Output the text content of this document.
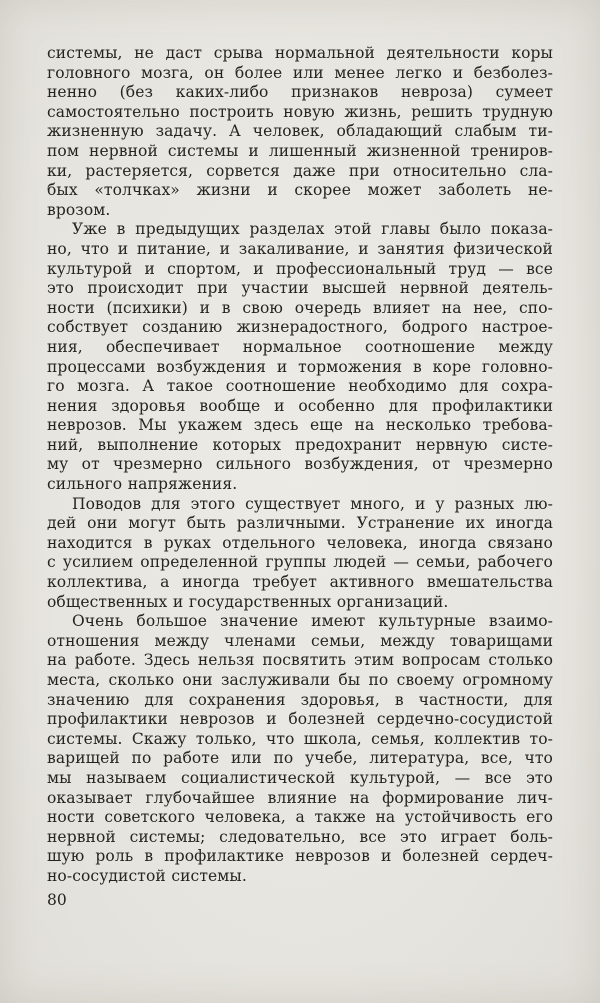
системы, не даст срыва нормальной деятельности коры
головного мозга, он более или менее легко и безболез-
ненно (без каких-либо признаков невроза) сумеет
самостоятельно построить новую жизнь, решить трудную
жизненную задачу. А человек, обладающий слабым ти-
пом нервной системы и лишенный жизненной трениров-
ки, растеряется, сорвется даже при относительно сла-
бых «толчках» жизни и скорее может заболеть не-
врозом.
Уже в предыдущих разделах этой главы было показа-
но, что и питание, и закаливание, и занятия физической
культурой и спортом, и профессиональный труд — все
это происходит при участии высшей нервной деятель-
ности (психики) и в свою очередь влияет на нее, спо-
собствует созданию жизнерадостного, бодрого настрое-
ния, обеспечивает нормальное соотношение между
процессами возбуждения и торможения в коре головно-
го мозга. А такое соотношение необходимо для сохра-
нения здоровья вообще и особенно для профилактики
неврозов. Мы укажем здесь еще на несколько требова-
ний, выполнение которых предохранит нервную систе-
му от чрезмерно сильного возбуждения, от чрезмерно
сильного напряжения.
Поводов для этого существует много, и у разных лю-
дей они могут быть различными. Устранение их иногда
находится в руках отдельного человека, иногда связано
с усилием определенной группы людей — семьи, рабочего
коллектива, а иногда требует активного вмешательства
общественных и государственных организаций.
Очень большое значение имеют культурные взаимо-
отношения между членами семьи, между товарищами
на работе. Здесь нельзя посвятить этим вопросам столько
места, сколько они заслуживали бы по своему огромному
значению для сохранения здоровья, в частности, для
профилактики неврозов и болезней сердечно-сосудистой
системы. Скажу только, что школа, семья, коллектив то-
варищей по работе или по учебе, литература, все, что
мы называем социалистической культурой, — все это
оказывает глубочайшее влияние на формирование лич-
ности советского человека, а также на устойчивость его
нервной системы; следовательно, все это играет боль-
шую роль в профилактике неврозов и болезней сердеч-
но-сосудистой системы.
80
